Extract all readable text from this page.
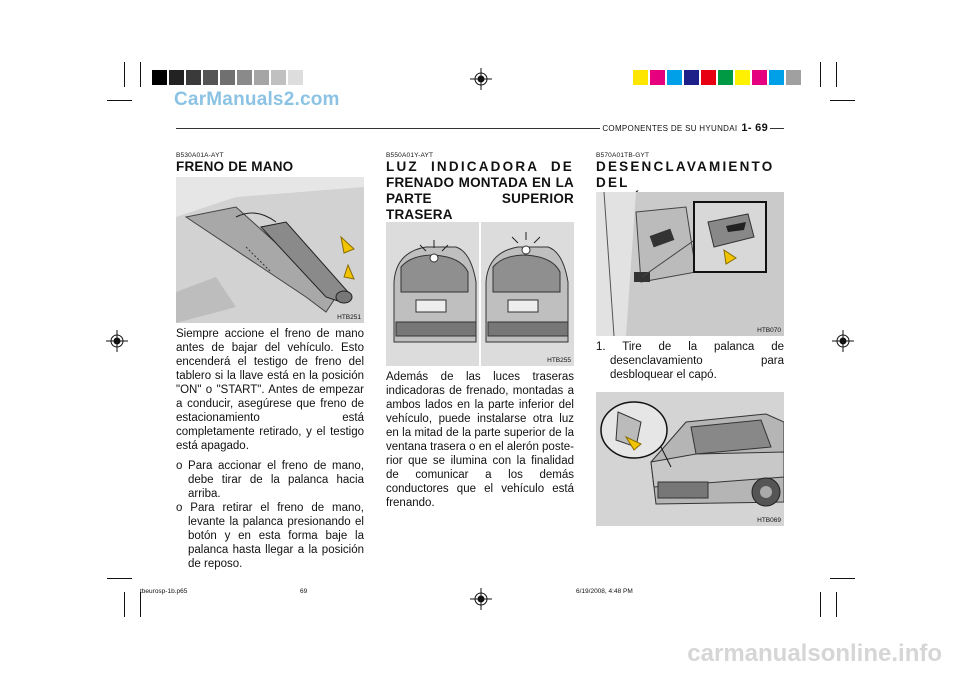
CarManuals2.com
carmanualsonline.info
COMPONENTES DE SU HYUNDAI 1- 69
B530A01A-AYT
FRENO DE MANO
HTB251
Siempre accione el freno de mano antes de bajar del vehículo. Esto encenderá el testigo de freno del tablero si la llave está en la posición "ON" o "START". Antes de empezar a conducir, asegúrese que freno de estacionamiento está completamente retirado, y el testigo está apagado.
o Para accionar el freno de mano, debe tirar de la palanca hacia arriba.
o Para retirar el freno de mano, levante la palanca presionando el botón y en esta forma baje la palanca hasta llegar a la posición de reposo.
B550A01Y-AYT
LUZ INDICADORA DE
FRENADO MONTADA EN LA
PARTE SUPERIOR TRASERA
HTB255
Además de las luces traseras indicadoras de frenado, montadas a ambos lados en la parte inferior del vehículo, puede instalarse otra luz en la mitad de la parte superior de la ventana trasera o en el alerón poste-rior que se ilumina con la finalidad de comunicar a los demás conductores que el vehículo está frenando.
B570A01TB-GYT
DESENCLAVAMIENTO DEL
HTB070
1. Tire de la palanca de desenclavamiento para desbloquear el capó.
HTB069
tbeurosp-1b.p65	69	6/19/2008, 4:48 PM
